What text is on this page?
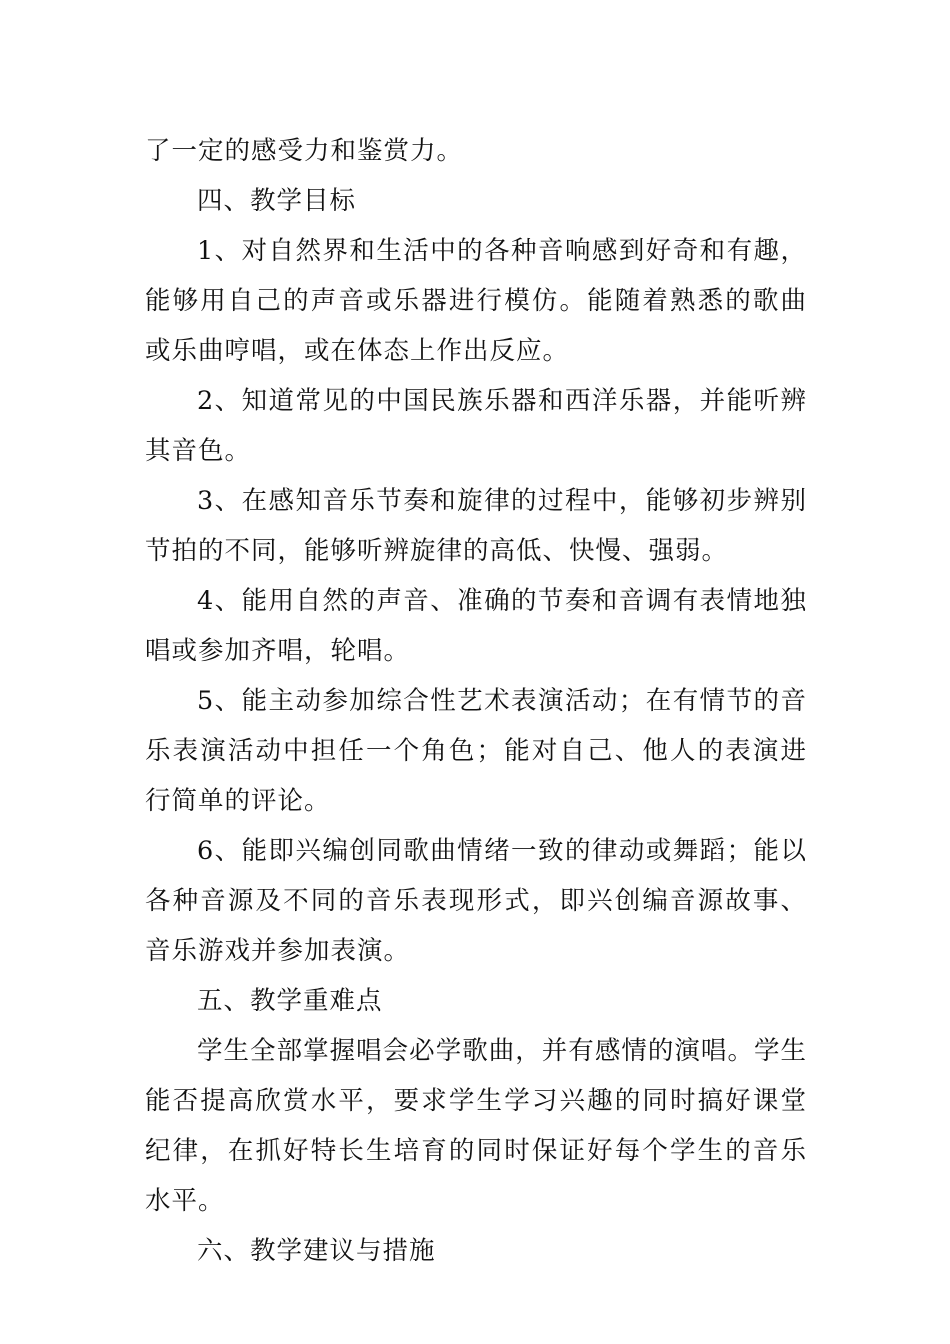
了一定的感受力和鉴赏力。

四、教学目标

1、对自然界和生活中的各种音响感到好奇和有趣，能够用自己的声音或乐器进行模仿。能随着熟悉的歌曲或乐曲哼唱，或在体态上作出反应。

2、知道常见的中国民族乐器和西洋乐器，并能听辨其音色。

3、在感知音乐节奏和旋律的过程中，能够初步辨别节拍的不同，能够听辨旋律的高低、快慢、强弱。

4、能用自然的声音、准确的节奏和音调有表情地独唱或参加齐唱，轮唱。

5、能主动参加综合性艺术表演活动；在有情节的音乐表演活动中担任一个角色；能对自己、他人的表演进行简单的评论。

6、能即兴编创同歌曲情绪一致的律动或舞蹈；能以各种音源及不同的音乐表现形式，即兴创编音源故事、音乐游戏并参加表演。

五、教学重难点

学生全部掌握唱会必学歌曲，并有感情的演唱。学生能否提高欣赏水平，要求学生学习兴趣的同时搞好课堂纪律，在抓好特长生培育的同时保证好每个学生的音乐水平。

六、教学建议与措施
